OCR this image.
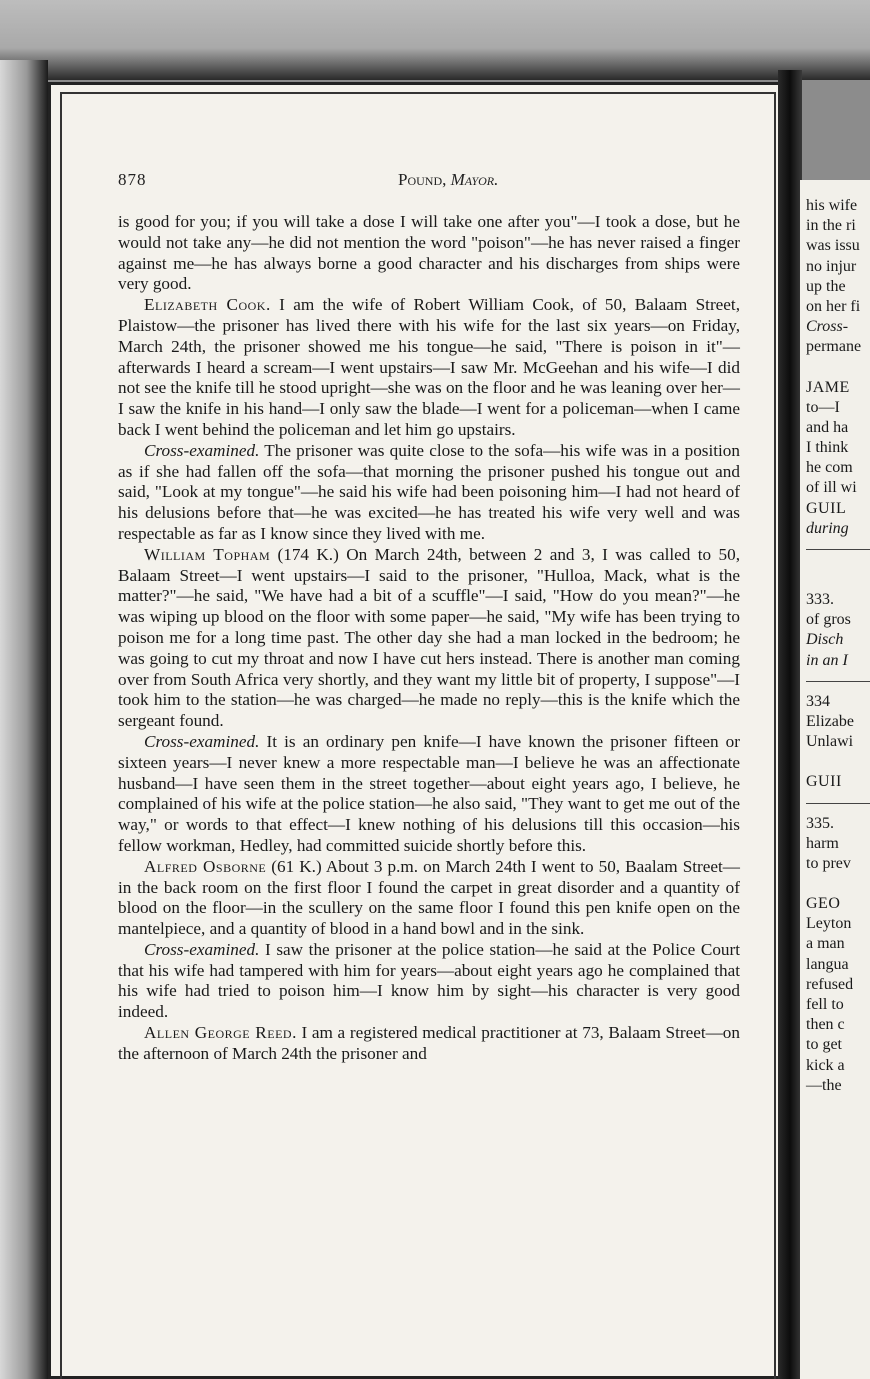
878	Pound, Mayor.

is good for you; if you will take a dose I will take one after you"—I took a dose, but he would not take any—he did not mention the word "poison"—he has never raised a finger against me—he has always borne a good character and his discharges from ships were very good.

Elizabeth Cook. I am the wife of Robert William Cook, of 50, Balaam Street, Plaistow—the prisoner has lived there with his wife for the last six years—on Friday, March 24th, the prisoner showed me his tongue—he said, "There is poison in it"—afterwards I heard a scream—I went upstairs—I saw Mr. McGeehan and his wife—I did not see the knife till he stood upright—she was on the floor and he was leaning over her—I saw the knife in his hand—I only saw the blade—I went for a policeman—when I came back I went behind the policeman and let him go upstairs.

Cross-examined. The prisoner was quite close to the sofa—his wife was in a position as if she had fallen off the sofa—that morning the prisoner pushed his tongue out and said, "Look at my tongue"—he said his wife had been poisoning him—I had not heard of his delusions before that—he was excited—he has treated his wife very well and was respectable as far as I know since they lived with me.

William Topham (174 K.) On March 24th, between 2 and 3, I was called to 50, Balaam Street—I went upstairs—I said to the prisoner, "Hulloa, Mack, what is the matter?"—he said, "We have had a bit of a scuffle"—I said, "How do you mean?"—he was wiping up blood on the floor with some paper—he said, "My wife has been trying to poison me for a long time past. The other day she had a man locked in the bedroom; he was going to cut my throat and now I have cut hers instead. There is another man coming over from South Africa very shortly, and they want my little bit of property, I suppose"—I took him to the station—he was charged—he made no reply—this is the knife which the sergeant found.

Cross-examined. It is an ordinary pen knife—I have known the prisoner fifteen or sixteen years—I never knew a more respectable man—I believe he was an affectionate husband—I have seen them in the street together—about eight years ago, I believe, he complained of his wife at the police station—he also said, "They want to get me out of the way," or words to that effect—I knew nothing of his delusions till this occasion—his fellow workman, Hedley, had committed suicide shortly before this.

Alfred Osborne (61 K.) About 3 p.m. on March 24th I went to 50, Baalam Street—in the back room on the first floor I found the carpet in great disorder and a quantity of blood on the floor—in the scullery on the same floor I found this pen knife open on the mantelpiece, and a quantity of blood in a hand bowl and in the sink.

Cross-examined. I saw the prisoner at the police station—he said at the Police Court that his wife had tampered with him for years—about eight years ago he complained that his wife had tried to poison him—I know him by sight—his character is very good indeed.

Allen George Reed. I am a registered medical practitioner at 73, Balaam Street—on the afternoon of March 24th the prisoner and

his wife
in the ri
was issu
no injur
up the
on her fi
Cross-
permane
JAME
to—I
and ha
I think
he com
of ill wi
GUIL
during
333.
of gros
Disch
in an I
334
Elizabe
Unlawi
GUII
335.
harm
to prev
GEO
Leyton
a man
langua
refused
fell to
then c
to get
kick a
—the
